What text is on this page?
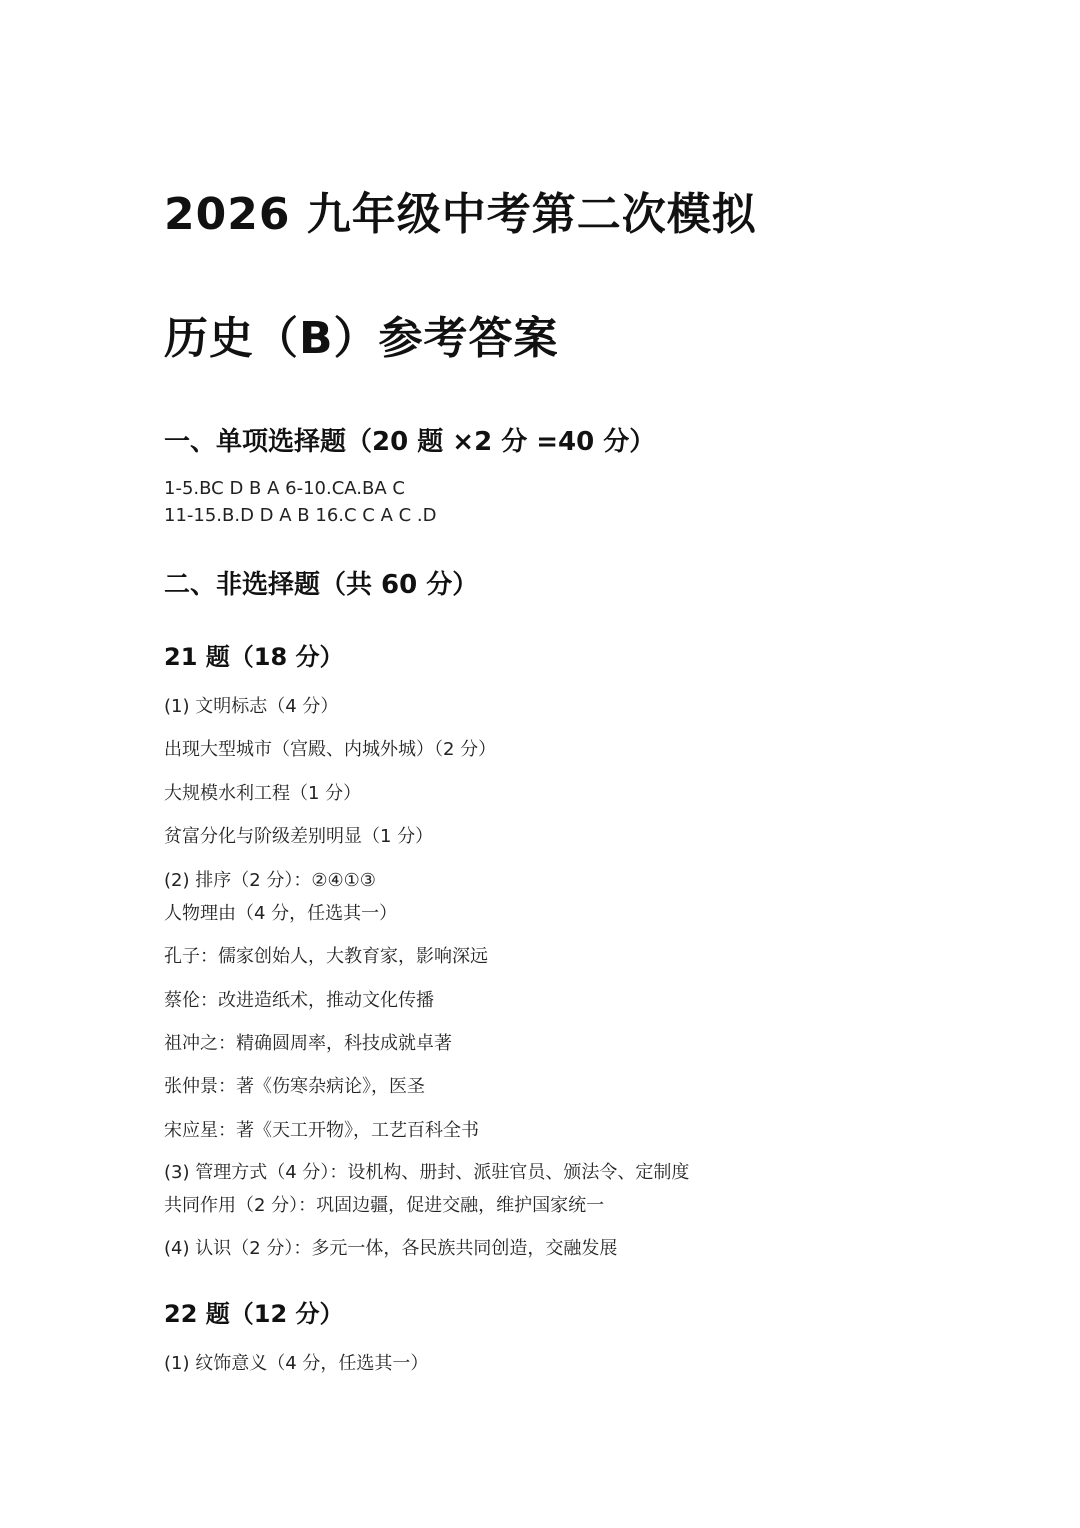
2026 九年级中考第二次模拟
历史（B）参考答案
一、单项选择题（20 题 ×2 分 =40 分）
1-5.BC D B A 6-10.CA.BA C
11-15.B.D D A B 16.C C A C .D
二、非选择题（共 60 分）
21 题（18 分）
(1) 文明标志（4 分）
出现大型城市（宫殿、内城外城）（2 分）
大规模水利工程（1 分）
贫富分化与阶级差别明显（1 分）
(2) 排序（2 分）：②④①③
人物理由（4 分，任选其一）
孔子：儒家创始人，大教育家，影响深远
蔡伦：改进造纸术，推动文化传播
祖冲之：精确圆周率，科技成就卓著
张仲景：著《伤寒杂病论》，医圣
宋应星：著《天工开物》，工艺百科全书
(3) 管理方式（4 分）：设机构、册封、派驻官员、颁法令、定制度
共同作用（2 分）：巩固边疆，促进交融，维护国家统一
(4) 认识（2 分）：多元一体，各民族共同创造，交融发展
22 题（12 分）
(1) 纹饰意义（4 分，任选其一）
